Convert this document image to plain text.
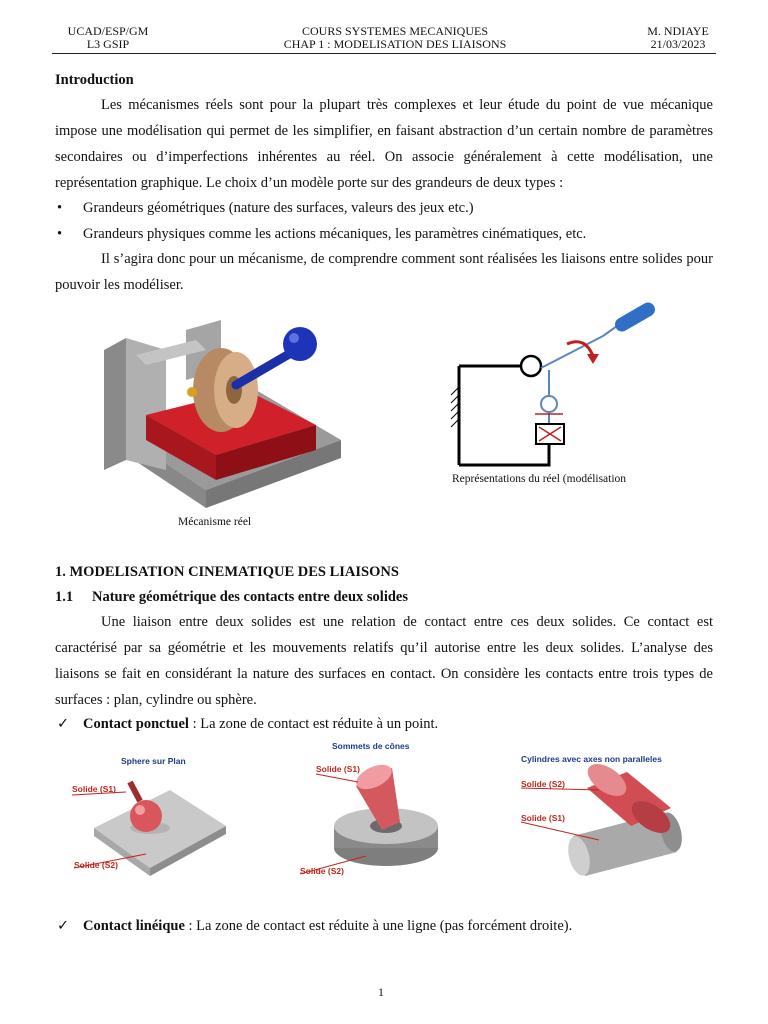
UCAD/ESP/GM
L3 GSIP
COURS SYSTEMES MECANIQUES
CHAP 1 : MODELISATION DES LIAISONS
M. NDIAYE
21/03/2023
Introduction

Les mécanismes réels sont pour la plupart très complexes et leur étude du point de vue mécanique impose une modélisation qui permet de les simplifier, en faisant abstraction d’un certain nombre de paramètres secondaires ou d’imperfections inhérentes au réel. On associe généralement à cette modélisation, une représentation graphique. Le choix d’un modèle porte sur des grandeurs de deux types :

• Grandeurs géométriques (nature des surfaces, valeurs des jeux etc.)
• Grandeurs physiques comme les actions mécaniques, les paramètres cinématiques, etc.

Il s’agira donc pour un mécanisme, de comprendre comment sont réalisées les liaisons entre solides pour pouvoir les modéliser.

Mécanisme réel
Représentations du réel (modélisation
1. MODELISATION CINEMATIQUE DES LIAISONS
1.1 Nature géométrique des contacts entre deux solides

Une liaison entre deux solides est une relation de contact entre ces deux solides. Ce contact est caractérisé par sa géométrie et les mouvements relatifs qu’il autorise entre les deux solides. L’analyse des liaisons se fait en considérant la nature des surfaces en contact. On considère les contacts entre trois types de surfaces : plan, cylindre ou sphère.

✓ Contact ponctuel : La zone de contact est réduite à un point.
Sphere sur Plan
Solide (S1)
Solide (S2)
Sommets de cônes
Solide (S1)
Solide (S2)
Cylindres avec axes non paralleles
Solide (S2)
Solide (S1)
✓ Contact linéique : La zone de contact est réduite à une ligne (pas forcément droite).
1
